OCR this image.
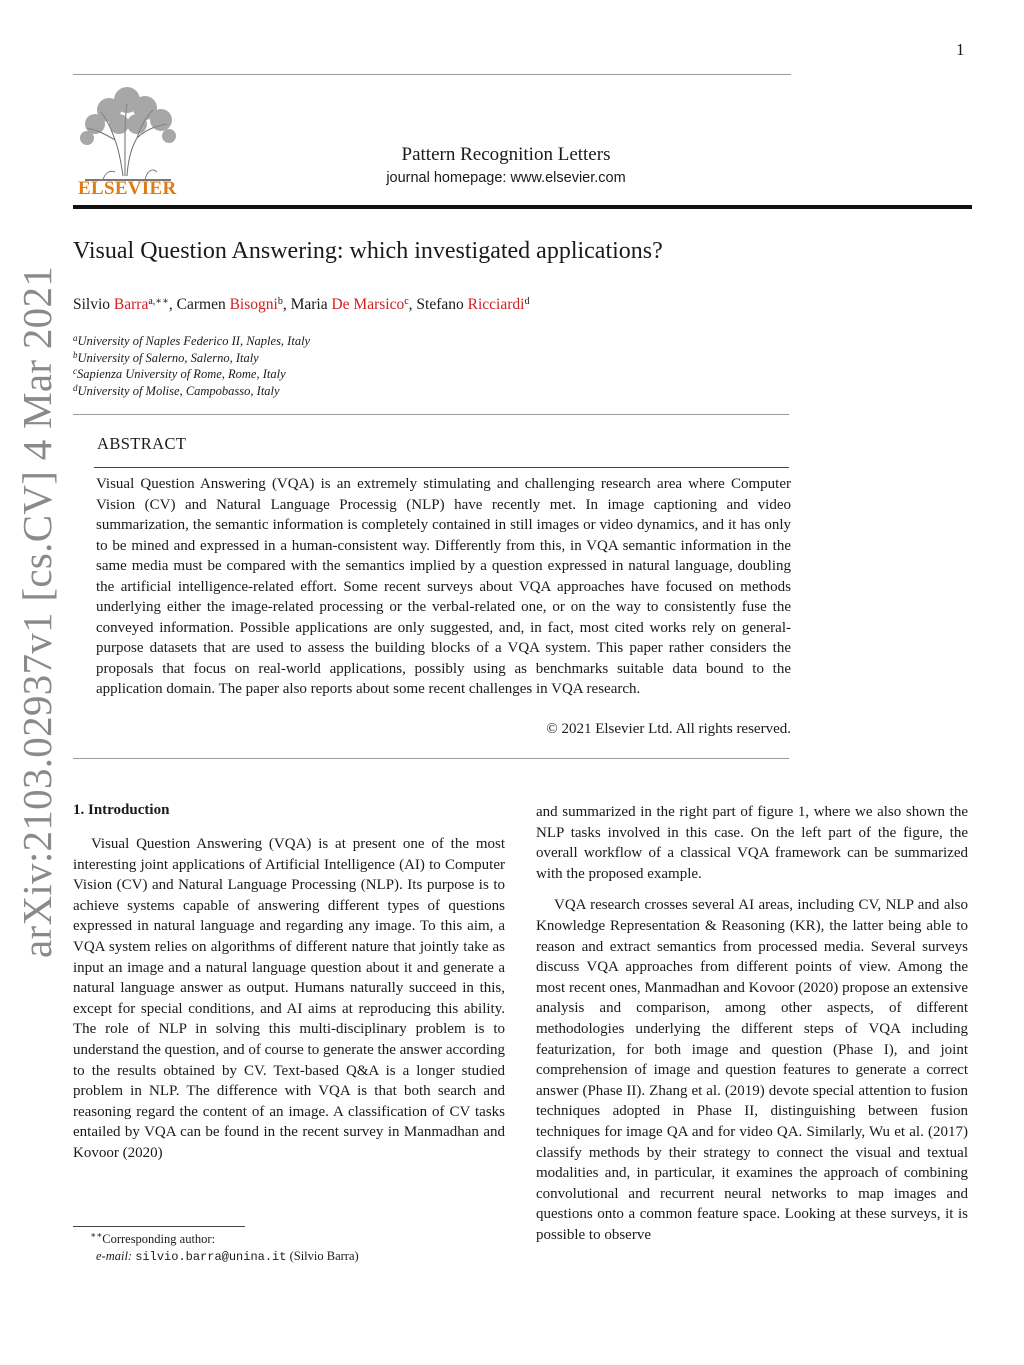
1
ELSEVIER
Pattern Recognition Letters
journal homepage: www.elsevier.com
Visual Question Answering: which investigated applications?
Silvio Barra$^{a,∗∗}$, Carmen Bisogni$^b$, Maria De Marsico$^c$, Stefano Ricciardi$^d$
$^a$University of Naples Federico II, Naples, Italy
$^b$University of Salerno, Salerno, Italy
$^c$Sapienza University of Rome, Rome, Italy
$^d$University of Molise, Campobasso, Italy
ABSTRACT
Visual Question Answering (VQA) is an extremely stimulating and challenging research area where Computer Vision (CV) and Natural Language Processig (NLP) have recently met. In image captioning and video summarization, the semantic information is completely contained in still images or video dynamics, and it has only to be mined and expressed in a human-consistent way. Differently from this, in VQA semantic information in the same media must be compared with the semantics implied by a question expressed in natural language, doubling the artificial intelligence-related effort. Some recent surveys about VQA approaches have focused on methods underlying either the image-related processing or the verbal-related one, or on the way to consistently fuse the conveyed information. Possible applications are only suggested, and, in fact, most cited works rely on general-purpose datasets that are used to assess the building blocks of a VQA system. This paper rather considers the proposals that focus on real-world applications, possibly using as benchmarks suitable data bound to the application domain. The paper also reports about some recent challenges in VQA research.
© 2021 Elsevier Ltd. All rights reserved.
arXiv:2103.02937v1 [cs.CV] 4 Mar 2021 1. Introduction

Visual Question Answering (VQA) is at present one of the most interesting joint applications of Artificial Intelligence (AI) to Computer Vision (CV) and Natural Language Processing (NLP). Its purpose is to achieve systems capable of answering different types of questions expressed in natural language and regarding any image. To this aim, a VQA system relies on algorithms of different nature that jointly take as input an image and a natural language question about it and generate a natural language answer as output. Humans naturally succeed in this, except for special conditions, and AI aims at reproducing this ability. The role of NLP in solving this multi-disciplinary problem is to understand the question, and of course to generate the answer according to the results obtained by CV. Text-based Q&A is a longer studied problem in NLP. The difference with VQA is that both search and reasoning regard the content of an image. A classification of CV tasks entailed by VQA can be found in the recent survey in Manmadhan and Kovoor (2020)

and summarized in the right part of figure 1, where we also shown the NLP tasks involved in this case. On the left part of the figure, the overall workflow of a classical VQA framework can be summarized with the proposed example.

VQA research crosses several AI areas, including CV, NLP and also Knowledge Representation & Reasoning (KR), the latter being able to reason and extract semantics from processed media. Several surveys discuss VQA approaches from different points of view. Among the most recent ones, Manmadhan and Kovoor (2020) propose an extensive analysis and comparison, among other aspects, of different methodologies underlying the different steps of VQA including featurization, for both image and question (Phase I), and joint comprehension of image and question features to generate a correct answer (Phase II). Zhang et al. (2019) devote special attention to fusion techniques adopted in Phase II, distinguishing between fusion techniques for image QA and for video QA. Similarly, Wu et al. (2017) classify methods by their strategy to connect the visual and textual modalities and, in particular, it examines the approach of combining convolutional and recurrent neural networks to map images and questions onto a common feature space. Looking at these surveys, it is possible to observe

∗∗Corresponding author:
e-mail: silvio.barra@unina.it (Silvio Barra)
